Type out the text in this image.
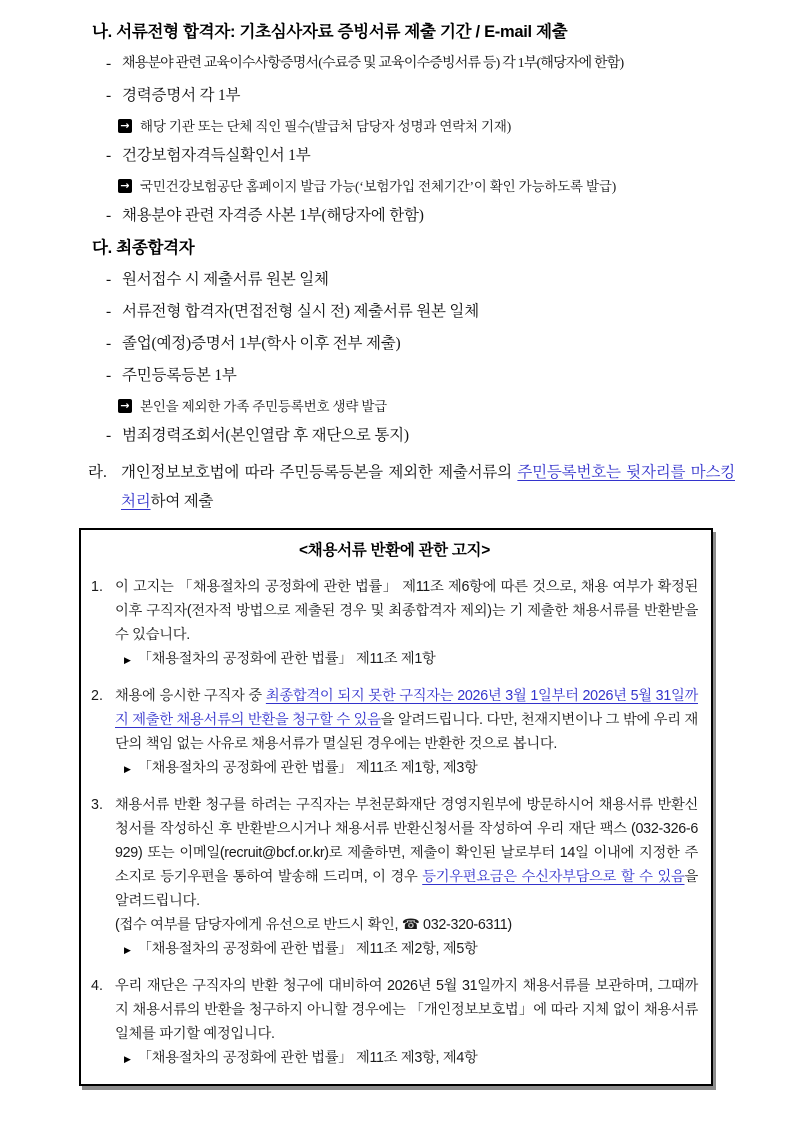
나. 서류전형 합격자: 기초심사자료 증빙서류 제출 기간 / E-mail 제출
- 채용분야 관련 교육이수사항증명서(수료증 및 교육이수증빙서류 등) 각 1부(해당자에 한함)
- 경력증명서 각 1부
→ 해당 기관 또는 단체 직인 필수(발급처 담당자 성명과 연락처 기재)
- 건강보험자격득실확인서 1부
→ 국민건강보험공단 홈페이지 발급 가능(‘보험가입 전체기간’이 확인 가능하도록 발급)
- 채용분야 관련 자격증 사본 1부(해당자에 한함)
다. 최종합격자
- 원서접수 시 제출서류 원본 일체
- 서류전형 합격자(면접전형 실시 전) 제출서류 원본 일체
- 졸업(예정)증명서 1부(학사 이후 전부 제출)
- 주민등록등본 1부
→ 본인을 제외한 가족 주민등록번호 생략 발급
- 범죄경력조회서(본인열람 후 재단으로 통지)
라. 개인정보보호법에 따라 주민등록등본을 제외한 제출서류의 주민등록번호는 뒷자리를 마스킹 처리하여 제출
<채용서류 반환에 관한 고지>
1. 이 고지는 「채용절차의 공정화에 관한 법률」 제11조 제6항에 따른 것으로, 채용 여부가 확정된 이후 구직자(전자적 방법으로 제출된 경우 및 최종합격자 제외)는 기 제출한 채용서류를 반환받을 수 있습니다.
▶ 「채용절차의 공정화에 관한 법률」 제11조 제1항
2. 채용에 응시한 구직자 중 최종합격이 되지 못한 구직자는 2026년 3월 1일부터 2026년 5월 31일까지 제출한 채용서류의 반환을 청구할 수 있음을 알려드립니다. 다만, 천재지변이나 그 밖에 우리 재단의 책임 없는 사유로 채용서류가 멸실된 경우에는 반환한 것으로 봅니다.
▶ 「채용절차의 공정화에 관한 법률」 제11조 제1항, 제3항
3. 채용서류 반환 청구를 하려는 구직자는 부천문화재단 경영지원부에 방문하시어 채용서류 반환신청서를 작성하신 후 반환받으시거나 채용서류 반환신청서를 작성하여 우리 재단 팩스 (032-326-6929) 또는 이메일(recruit@bcf.or.kr)로 제출하면, 제출이 확인된 날로부터 14일 이내에 지정한 주소지로 등기우편을 통하여 발송해 드리며, 이 경우 등기우편요금은 수신자부담으로 할 수 있음을 알려드립니다.
(접수 여부를 담당자에게 유선으로 반드시 확인, ☎ 032-320-6311)
▶ 「채용절차의 공정화에 관한 법률」 제11조 제2항, 제5항
4. 우리 재단은 구직자의 반환 청구에 대비하여 2026년 5월 31일까지 채용서류를 보관하며, 그때까지 채용서류의 반환을 청구하지 아니할 경우에는 「개인정보보호법」에 따라 지체 없이 채용서류 일체를 파기할 예정입니다.
▶ 「채용절차의 공정화에 관한 법률」 제11조 제3항, 제4항
